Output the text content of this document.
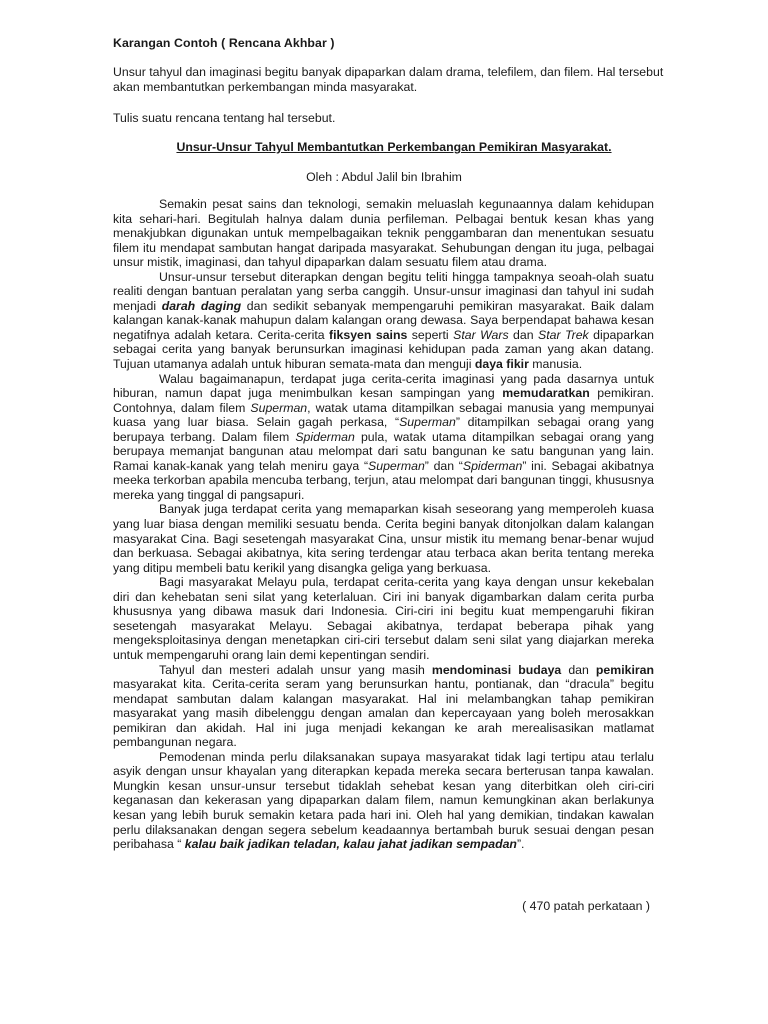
Karangan Contoh ( Rencana Akhbar )
Unsur tahyul dan imaginasi begitu banyak dipaparkan dalam drama, telefilem, dan filem. Hal tersebut akan membantutkan perkembangan minda masyarakat.
Tulis suatu rencana tentang hal tersebut.
Unsur-Unsur Tahyul Membantutkan Perkembangan Pemikiran Masyarakat.
Oleh : Abdul Jalil bin Ibrahim

Semakin pesat sains dan teknologi, semakin meluaslah kegunaannya dalam kehidupan kita sehari-hari. Begitulah halnya dalam dunia perfileman. Pelbagai bentuk kesan khas yang menakjubkan digunakan untuk mempelbagaikan teknik penggambaran dan menentukan sesuatu filem itu mendapat sambutan hangat daripada masyarakat. Sehubungan dengan itu juga, pelbagai unsur mistik, imaginasi, dan tahyul dipaparkan dalam sesuatu filem atau drama.

Unsur-unsur tersebut diterapkan dengan begitu teliti hingga tampaknya seoah-olah suatu realiti dengan bantuan peralatan yang serba canggih. Unsur-unsur imaginasi dan tahyul ini sudah menjadi darah daging dan sedikit sebanyak mempengaruhi pemikiran masyarakat. Baik dalam kalangan kanak-kanak mahupun dalam kalangan orang dewasa. Saya berpendapat bahawa kesan negatifnya adalah ketara. Cerita-cerita fiksyen sains seperti Star Wars dan Star Trek dipaparkan sebagai cerita yang banyak berunsurkan imaginasi kehidupan pada zaman yang akan datang. Tujuan utamanya adalah untuk hiburan semata-mata dan menguji daya fikir manusia.

Walau bagaimanapun, terdapat juga cerita-cerita imaginasi yang pada dasarnya untuk hiburan, namun dapat juga menimbulkan kesan sampingan yang memudaratkan pemikiran. Contohnya, dalam filem Superman, watak utama ditampilkan sebagai manusia yang mempunyai kuasa yang luar biasa. Selain gagah perkasa, “Superman” ditampilkan sebagai orang yang berupaya terbang. Dalam filem Spiderman pula, watak utama ditampilkan sebagai orang yang berupaya memanjat bangunan atau melompat dari satu bangunan ke satu bangunan yang lain. Ramai kanak-kanak yang telah meniru gaya “Superman” dan “Spiderman” ini. Sebagai akibatnya meeka terkorban apabila mencuba terbang, terjun, atau melompat dari bangunan tinggi, khususnya mereka yang tinggal di pangsapuri.

Banyak juga terdapat cerita yang memaparkan kisah seseorang yang memperoleh kuasa yang luar biasa dengan memiliki sesuatu benda. Cerita begini banyak ditonjolkan dalam kalangan masyarakat Cina. Bagi sesetengah masyarakat Cina, unsur mistik itu memang benar-benar wujud dan berkuasa. Sebagai akibatnya, kita sering terdengar atau terbaca akan berita tentang mereka yang ditipu membeli batu kerikil yang disangka geliga yang berkuasa.

Bagi masyarakat Melayu pula, terdapat cerita-cerita yang kaya dengan unsur kekebalan diri dan kehebatan seni silat yang keterlaluan. Ciri ini banyak digambarkan dalam cerita purba khususnya yang dibawa masuk dari Indonesia. Ciri-ciri ini begitu kuat mempengaruhi fikiran sesetengah masyarakat Melayu. Sebagai akibatnya, terdapat beberapa pihak yang mengeksploitasinya dengan menetapkan ciri-ciri tersebut dalam seni silat yang diajarkan mereka untuk mempengaruhi orang lain demi kepentingan sendiri.

Tahyul dan mesteri adalah unsur yang masih mendominasi budaya dan pemikiran masyarakat kita. Cerita-cerita seram yang berunsurkan hantu, pontianak, dan “dracula” begitu mendapat sambutan dalam kalangan masyarakat. Hal ini melambangkan tahap pemikiran masyarakat yang masih dibelenggu dengan amalan dan kepercayaan yang boleh merosakkan pemikiran dan akidah. Hal ini juga menjadi kekangan ke arah merealisasikan matlamat pembangunan negara.

Pemodenan minda perlu dilaksanakan supaya masyarakat tidak lagi tertipu atau terlalu asyik dengan unsur khayalan yang diterapkan kepada mereka secara berterusan tanpa kawalan. Mungkin kesan unsur-unsur tersebut tidaklah sehebat kesan yang diterbitkan oleh ciri-ciri keganasan dan kekerasan yang dipaparkan dalam filem, namun kemungkinan akan berlakunya kesan yang lebih buruk semakin ketara pada hari ini. Oleh hal yang demikian, tindakan kawalan perlu dilaksanakan dengan segera sebelum keadaannya bertambah buruk sesuai dengan pesan peribahasa “ kalau baik jadikan teladan, kalau jahat jadikan sempadan”.

( 470 patah perkataan )
